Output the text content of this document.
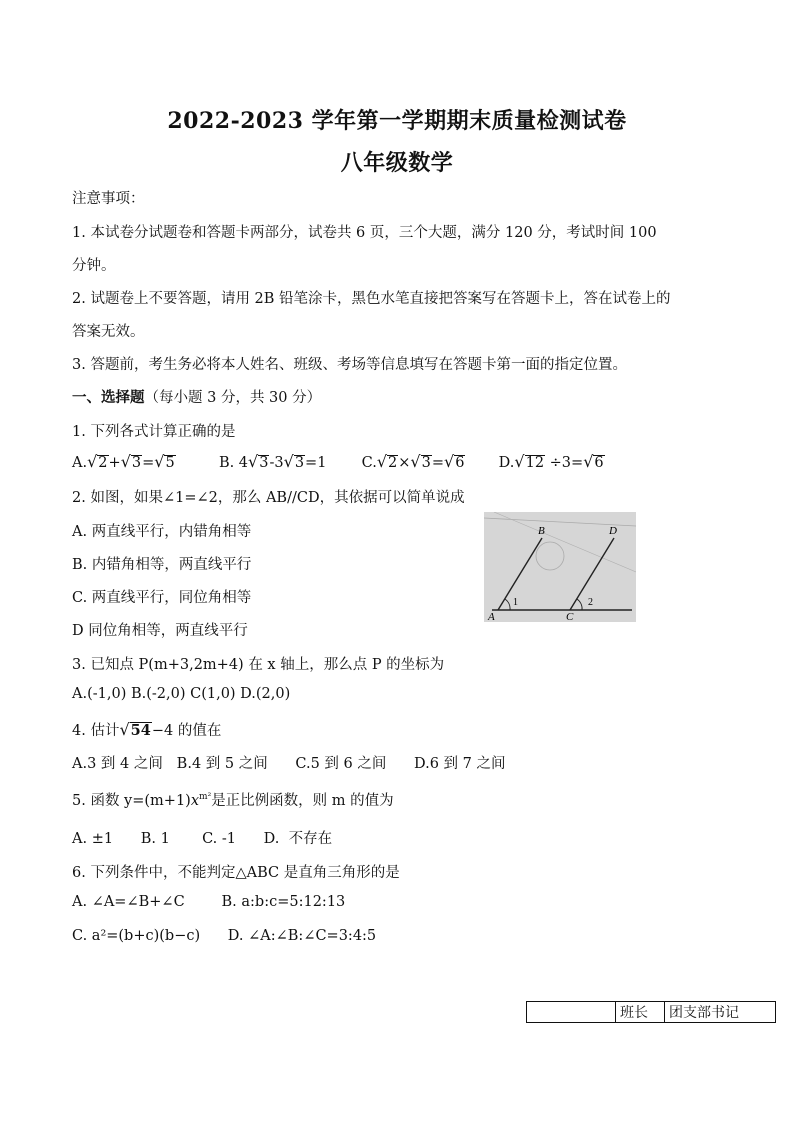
2022-2023 学年第一学期期末质量检测试卷
八年级数学
注意事项：
1. 本试卷分试题卷和答题卡两部分，试卷共 6 页，三个大题，满分 120 分，考试时间 100
分钟。
2. 试题卷上不要答题，请用 2B 铅笔涂卡，黑色水笔直接把答案写在答题卡上，答在试卷上的
答案无效。
3. 答题前，考生务必将本人姓名、班级、考场等信息填写在答题卡第一面的指定位置。
一、选择题（每小题 3 分，共 30 分）
1. 下列各式计算正确的是
A.√2+√3=√5	B. 4√3-3√3=1 C.√2×√3=√6 D.√12 ÷3=√6
2. 如图，如果∠1=∠2，那么 AB//CD，其依据可以简单说成
A. 两直线平行，内错角相等
B. 内错角相等，两直线平行
C. 两直线平行，同位角相等
D 同位角相等，两直线平行
A
B
C
D
1	2
3. 已知点 P(m+3,2m+4) 在 x 轴上，那么点 P 的坐标为
A.(-1,0) B.(-2,0) C(1,0) D.(2,0)
4. 估计√54−4 的值在
A.3 到 4 之间   B.4 到 5 之间      C.5 到 6 之间      D.6 到 7 之间
5. 函数 $y=(m+1)x^{m^2}$是正比例函数，则 m 的值为
A. ±1      B. 1       C. -1      D.  不存在
6. 下列条件中，不能判定△ABC 是直角三角形的是
A. ∠A=∠B+∠C        B. a:b:c=5:12:13
C. a²=(b+c)(b−c)      D. ∠A:∠B:∠C=3:4:5
	班长	团支部书记
